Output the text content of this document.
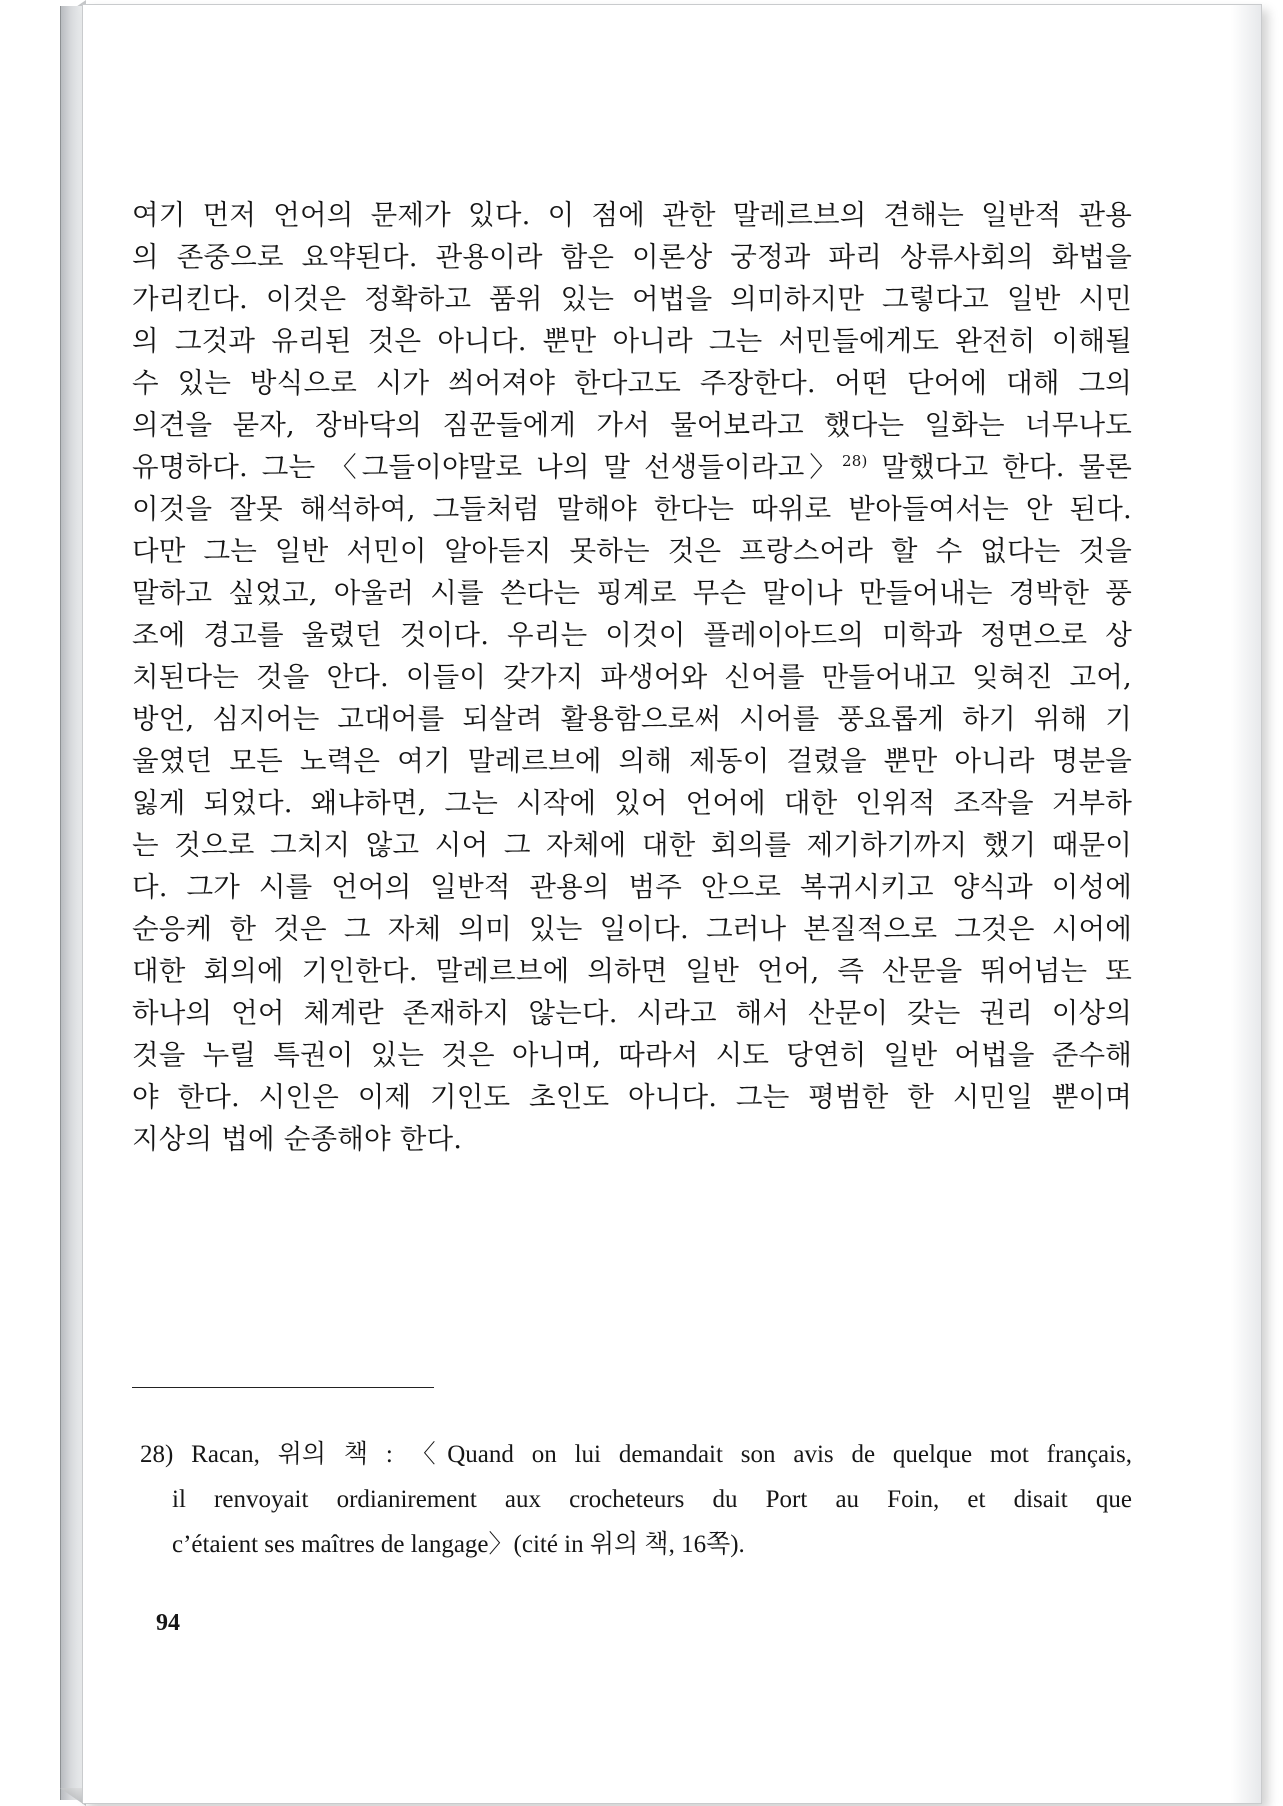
여기 먼저 언어의 문제가 있다. 이 점에 관한 말레르브의 견해는 일반적 관용
의 존중으로 요약된다. 관용이라 함은 이론상 궁정과 파리 상류사회의 화법을
가리킨다. 이것은 정확하고 품위 있는 어법을 의미하지만 그렇다고 일반 시민
의 그것과 유리된 것은 아니다. 뿐만 아니라 그는 서민들에게도 완전히 이해될
수 있는 방식으로 시가 씌어져야 한다고도 주장한다. 어떤 단어에 대해 그의
의견을 묻자, 장바닥의 짐꾼들에게 가서 물어보라고 했다는 일화는 너무나도
유명하다. 그는 〈그들이야말로 나의 말 선생들이라고〉$^{28)}$ 말했다고 한다. 물론
이것을 잘못 해석하여, 그들처럼 말해야 한다는 따위로 받아들여서는 안 된다.
다만 그는 일반 서민이 알아듣지 못하는 것은 프랑스어라 할 수 없다는 것을
말하고 싶었고, 아울러 시를 쓴다는 핑계로 무슨 말이나 만들어내는 경박한 풍
조에 경고를 울렸던 것이다. 우리는 이것이 플레이아드의 미학과 정면으로 상
치된다는 것을 안다. 이들이 갖가지 파생어와 신어를 만들어내고 잊혀진 고어,
방언, 심지어는 고대어를 되살려 활용함으로써 시어를 풍요롭게 하기 위해 기
울였던 모든 노력은 여기 말레르브에 의해 제동이 걸렸을 뿐만 아니라 명분을
잃게 되었다. 왜냐하면, 그는 시작에 있어 언어에 대한 인위적 조작을 거부하
는 것으로 그치지 않고 시어 그 자체에 대한 회의를 제기하기까지 했기 때문이
다. 그가 시를 언어의 일반적 관용의 범주 안으로 복귀시키고 양식과 이성에
순응케 한 것은 그 자체 의미 있는 일이다. 그러나 본질적으로 그것은 시어에
대한 회의에 기인한다. 말레르브에 의하면 일반 언어, 즉 산문을 뛰어넘는 또
하나의 언어 체계란 존재하지 않는다. 시라고 해서 산문이 갖는 권리 이상의
것을 누릴 특권이 있는 것은 아니며, 따라서 시도 당연히 일반 어법을 준수해
야 한다. 시인은 이제 기인도 초인도 아니다. 그는 평범한 한 시민일 뿐이며
지상의 법에 순종해야 한다.
28) Racan, 위의 책 : 〈Quand on lui demandait son avis de quelque mot français,
il renvoyait ordianirement aux crocheteurs du Port au Foin, et disait que
c’étaient ses maîtres de langage〉(cité in 위의 책, 16쪽).
94
